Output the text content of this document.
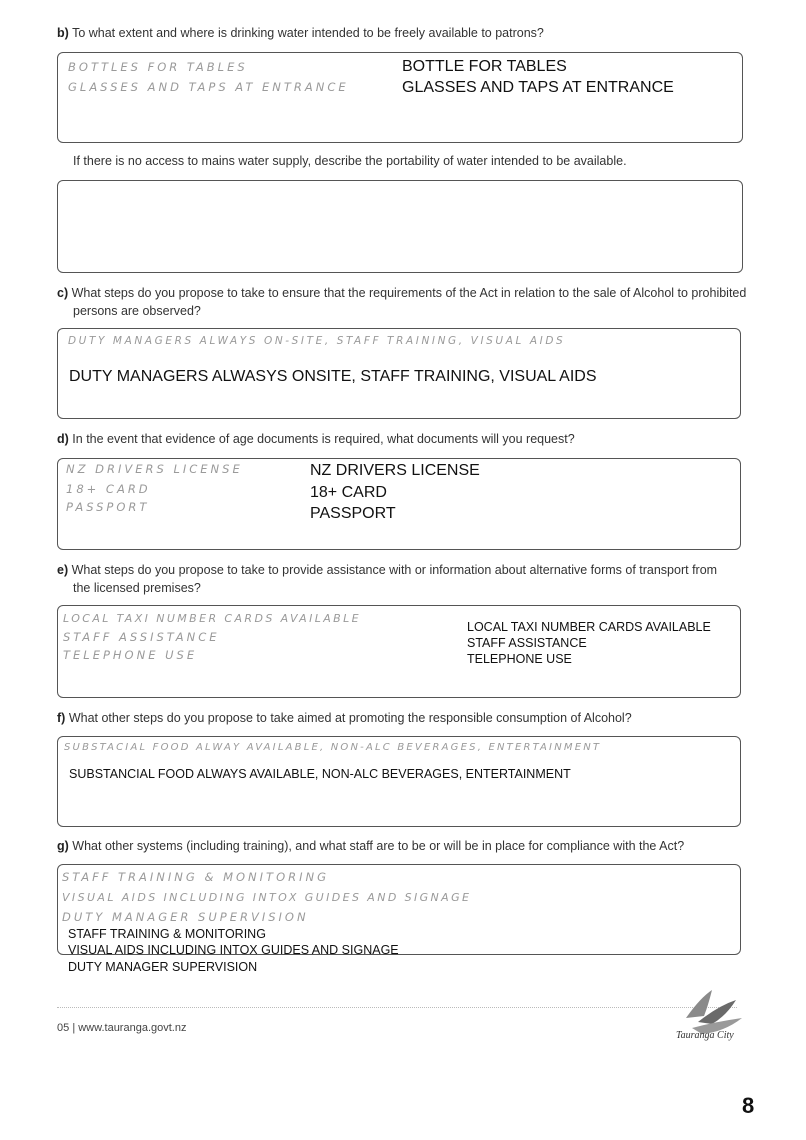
b) To what extent and where is drinking water intended to be freely available to patrons?
BOTTLES FOR TABLES
GLASSES AND TAPS AT ENTRANCE
BOTTLE FOR TABLES
GLASSES AND TAPS AT ENTRANCE
If there is no access to mains water supply, describe the portability of water intended to be available.
c) What steps do you propose to take to ensure that the requirements of the Act in relation to the sale of Alcohol to prohibited
persons are observed?
DUTY MANAGERS ALWAYS ON-SITE, STAFF TRAINING, VISUAL AIDS
DUTY MANAGERS ALWASYS ONSITE, STAFF TRAINING, VISUAL AIDS
d) In the event that evidence of age documents is required, what documents will you request?
NZ DRIVERS LICENSE
18+ CARD
PASSPORT
NZ DRIVERS LICENSE
18+ CARD
PASSPORT
e) What steps do you propose to take to provide assistance with or information about alternative forms of transport from
the licensed premises?
LOCAL TAXI NUMBER CARDS AVAILABLE
STAFF ASSISTANCE
TELEPHONE USE
LOCAL TAXI NUMBER CARDS AVAILABLE
STAFF ASSISTANCE
TELEPHONE USE
f) What other steps do you propose to take aimed at promoting the responsible consumption of Alcohol?
SUBSTACIAL FOOD ALWAY AVAILABLE, NON-ALC BEVERAGES, ENTERTAINMENT
SUBSTANCIAL FOOD ALWAYS AVAILABLE, NON-ALC BEVERAGES, ENTERTAINMENT
g) What other systems (including training), and what staff are to be or will be in place for compliance with the Act?
STAFF TRAINING & MONITORING
VISUAL AIDS INCLUDING INTOX GUIDES AND SIGNAGE
DUTY MANAGER SUPERVISION
STAFF TRAINING & MONITORING
VISUAL AIDS INCLUDING INTOX GUIDES AND SIGNAGE
DUTY MANAGER SUPERVISION
05 | www.tauranga.govt.nz
Tauranga City
8
